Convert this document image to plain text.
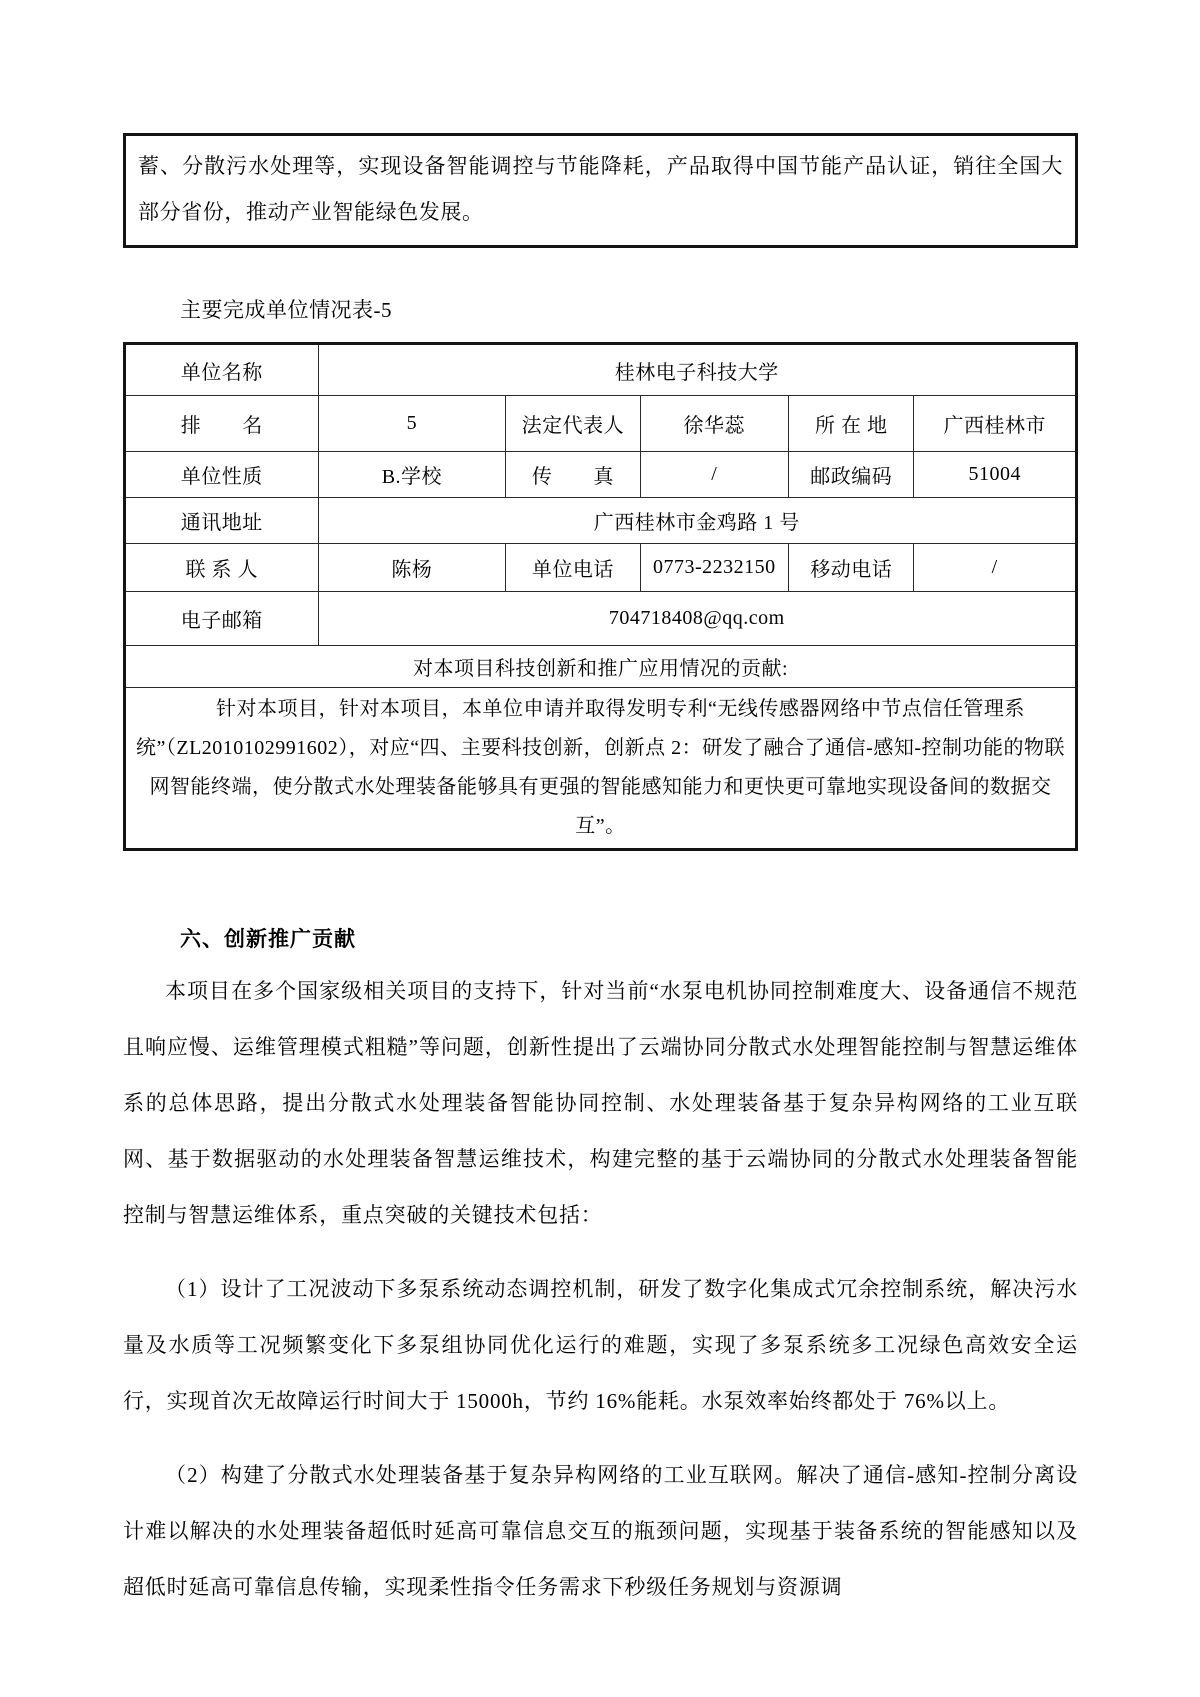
蓄、分散污水处理等，实现设备智能调控与节能降耗，产品取得中国节能产品认证，销往全国大部分省份，推动产业智能绿色发展。
主要完成单位情况表-5
单位名称	桂林电子科技大学				
排　　名	5	法定代表人	徐华蕊	所 在 地	广西桂林市
单位性质	B.学校	传　　真	/	邮政编码	51004
通讯地址	广西桂林市金鸡路 1 号				
联 系 人	陈杨	单位电话	0773-2232150	移动电话	/
电子邮箱	704718408@qq.com				
对本项目科技创新和推广应用情况的贡献:					
针对本项目，针对本项目，本单位申请并取得发明专利“无线传感器网络中节点信任管理系统”（ZL2010102991602），对应“四、主要科技创新，创新点 2：研发了融合了通信-感知-控制功能的物联网智能终端，使分散式水处理装备能够具有更强的智能感知能力和更快更可靠地实现设备间的数据交互”。					
六、创新推广贡献

本项目在多个国家级相关项目的支持下，针对当前“水泵电机协同控制难度大、设备通信不规范且响应慢、运维管理模式粗糙”等问题，创新性提出了云端协同分散式水处理智能控制与智慧运维体系的总体思路，提出分散式水处理装备智能协同控制、水处理装备基于复杂异构网络的工业互联网、基于数据驱动的水处理装备智慧运维技术，构建完整的基于云端协同的分散式水处理装备智能控制与智慧运维体系，重点突破的关键技术包括：

（1）设计了工况波动下多泵系统动态调控机制，研发了数字化集成式冗余控制系统，解决污水量及水质等工况频繁变化下多泵组协同优化运行的难题，实现了多泵系统多工况绿色高效安全运行，实现首次无故障运行时间大于 15000h，节约 16%能耗。水泵效率始终都处于 76%以上。

（2）构建了分散式水处理装备基于复杂异构网络的工业互联网。解决了通信-感知-控制分离设计难以解决的水处理装备超低时延高可靠信息交互的瓶颈问题，实现基于装备系统的智能感知以及超低时延高可靠信息传输，实现柔性指令任务需求下秒级任务规划与资源调
